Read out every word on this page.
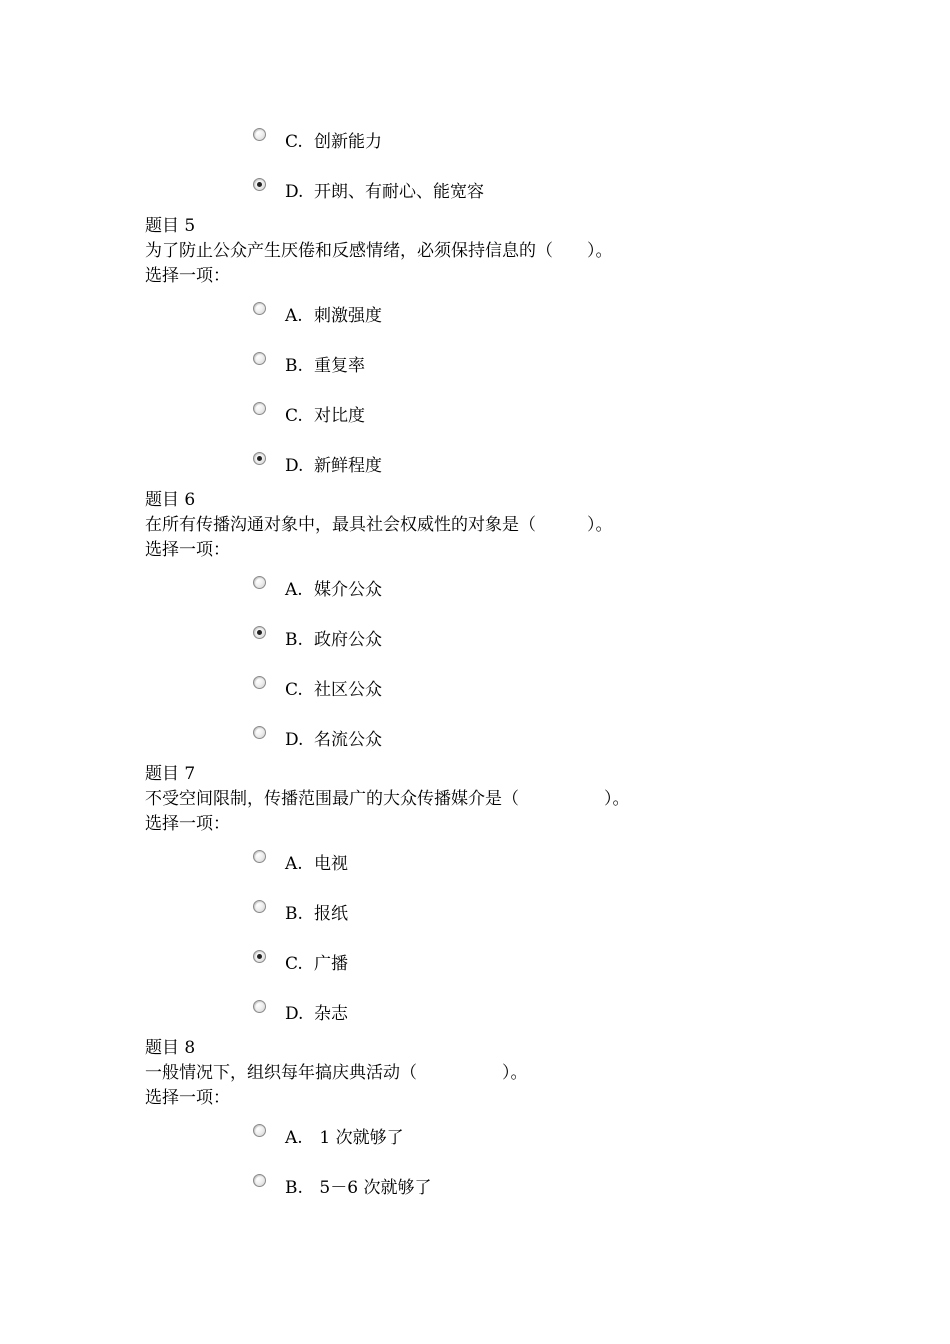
C. 创新能力
D. 开朗、有耐心、能宽容
题目 5
为了防止公众产生厌倦和反感情绪，必须保持信息的（　　）。
选择一项：
A. 刺激强度
B. 重复率
C. 对比度
D. 新鲜程度
题目 6
在所有传播沟通对象中，最具社会权威性的对象是（　　　）。
选择一项：
A. 媒介公众
B. 政府公众
C. 社区公众
D. 名流公众
题目 7
不受空间限制，传播范围最广的大众传播媒介是（　　　　　）。
选择一项：
A. 电视
B. 报纸
C. 广播
D. 杂志
题目 8
一般情况下，组织每年搞庆典活动（　　　　　）。
选择一项：
A. 1 次就够了
B. 5－6 次就够了
